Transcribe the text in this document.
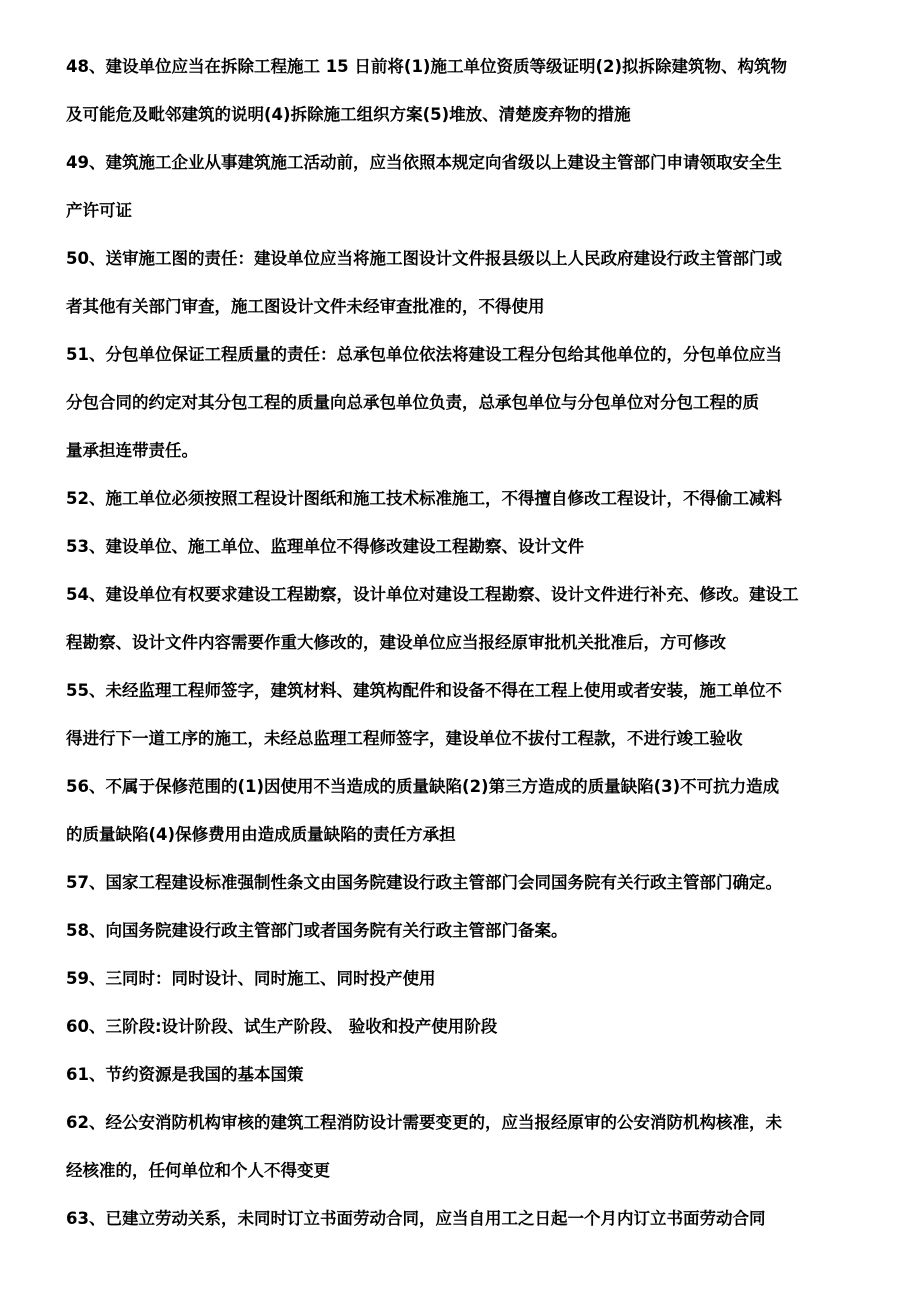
48、建设单位应当在拆除工程施工 15 日前将(1)施工单位资质等级证明(2)拟拆除建筑物、构筑物
及可能危及毗邻建筑的说明(4)拆除施工组织方案(5)堆放、清楚废弃物的措施
49、建筑施工企业从事建筑施工活动前，应当依照本规定向省级以上建设主管部门申请领取安全生
产许可证
50、送审施工图的责任：建设单位应当将施工图设计文件报县级以上人民政府建设行政主管部门或
者其他有关部门审查，施工图设计文件未经审查批准的，不得使用
51、分包单位保证工程质量的责任：总承包单位依法将建设工程分包给其他单位的，分包单位应当
分包合同的约定对其分包工程的质量向总承包单位负责，总承包单位与分包单位对分包工程的质
量承担连带责任。
52、施工单位必须按照工程设计图纸和施工技术标准施工，不得擅自修改工程设计，不得偷工减料
53、建设单位、施工单位、监理单位不得修改建设工程勘察、设计文件
54、建设单位有权要求建设工程勘察，设计单位对建设工程勘察、设计文件进行补充、修改。建设工
程勘察、设计文件内容需要作重大修改的，建设单位应当报经原审批机关批准后，方可修改
55、未经监理工程师签字，建筑材料、建筑构配件和设备不得在工程上使用或者安装，施工单位不
得进行下一道工序的施工，未经总监理工程师签字，建设单位不拔付工程款，不进行竣工验收
56、不属于保修范围的(1)因使用不当造成的质量缺陷(2)第三方造成的质量缺陷(3)不可抗力造成
的质量缺陷(4)保修费用由造成质量缺陷的责任方承担
57、国家工程建设标准强制性条文由国务院建设行政主管部门会同国务院有关行政主管部门确定。
58、向国务院建设行政主管部门或者国务院有关行政主管部门备案。
59、三同时：同时设计、同时施工、同时投产使用
60、三阶段:设计阶段、试生产阶段、 验收和投产使用阶段
61、节约资源是我国的基本国策
62、经公安消防机构审核的建筑工程消防设计需要变更的，应当报经原审的公安消防机构核准，未
经核准的，任何单位和个人不得变更
63、已建立劳动关系，未同时订立书面劳动合同，应当自用工之日起一个月内订立书面劳动合同
